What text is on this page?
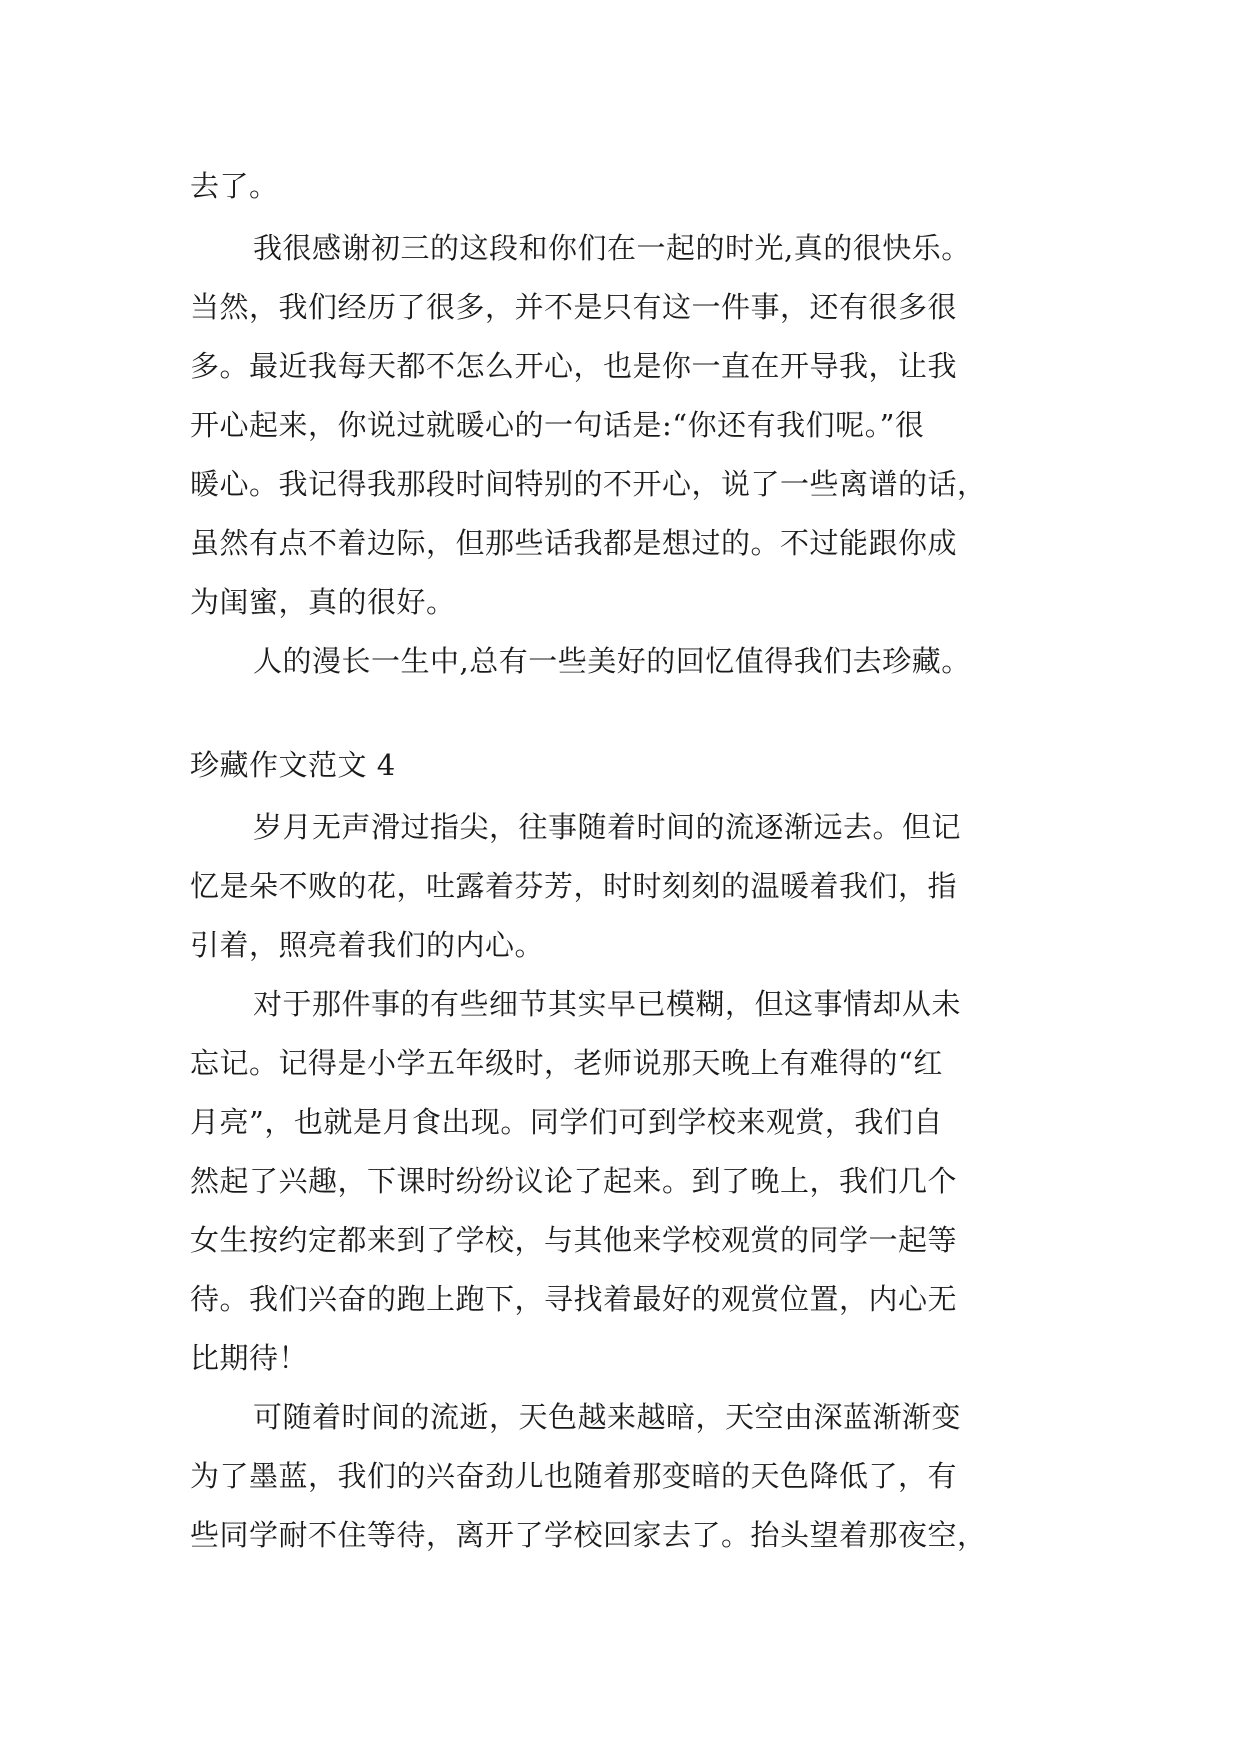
去了。
我很感谢初三的这段和你们在一起的时光,真的很快乐。
当然，我们经历了很多，并不是只有这一件事，还有很多很
多。最近我每天都不怎么开心，也是你一直在开导我，让我
开心起来，你说过就暖心的一句话是:“你还有我们呢。”很
暖心。我记得我那段时间特别的不开心，说了一些离谱的话，
虽然有点不着边际，但那些话我都是想过的。不过能跟你成
为闺蜜，真的很好。
人的漫长一生中,总有一些美好的回忆值得我们去珍藏。
珍藏作文范文 4
岁月无声滑过指尖，往事随着时间的流逐渐远去。但记
忆是朵不败的花，吐露着芬芳，时时刻刻的温暖着我们，指
引着，照亮着我们的内心。
对于那件事的有些细节其实早已模糊，但这事情却从未
忘记。记得是小学五年级时，老师说那天晚上有难得的“红
月亮”，也就是月食出现。同学们可到学校来观赏，我们自
然起了兴趣，下课时纷纷议论了起来。到了晚上，我们几个
女生按约定都来到了学校，与其他来学校观赏的同学一起等
待。我们兴奋的跑上跑下，寻找着最好的观赏位置，内心无
比期待！
可随着时间的流逝，天色越来越暗，天空由深蓝渐渐变
为了墨蓝，我们的兴奋劲儿也随着那变暗的天色降低了，有
些同学耐不住等待，离开了学校回家去了。抬头望着那夜空，
